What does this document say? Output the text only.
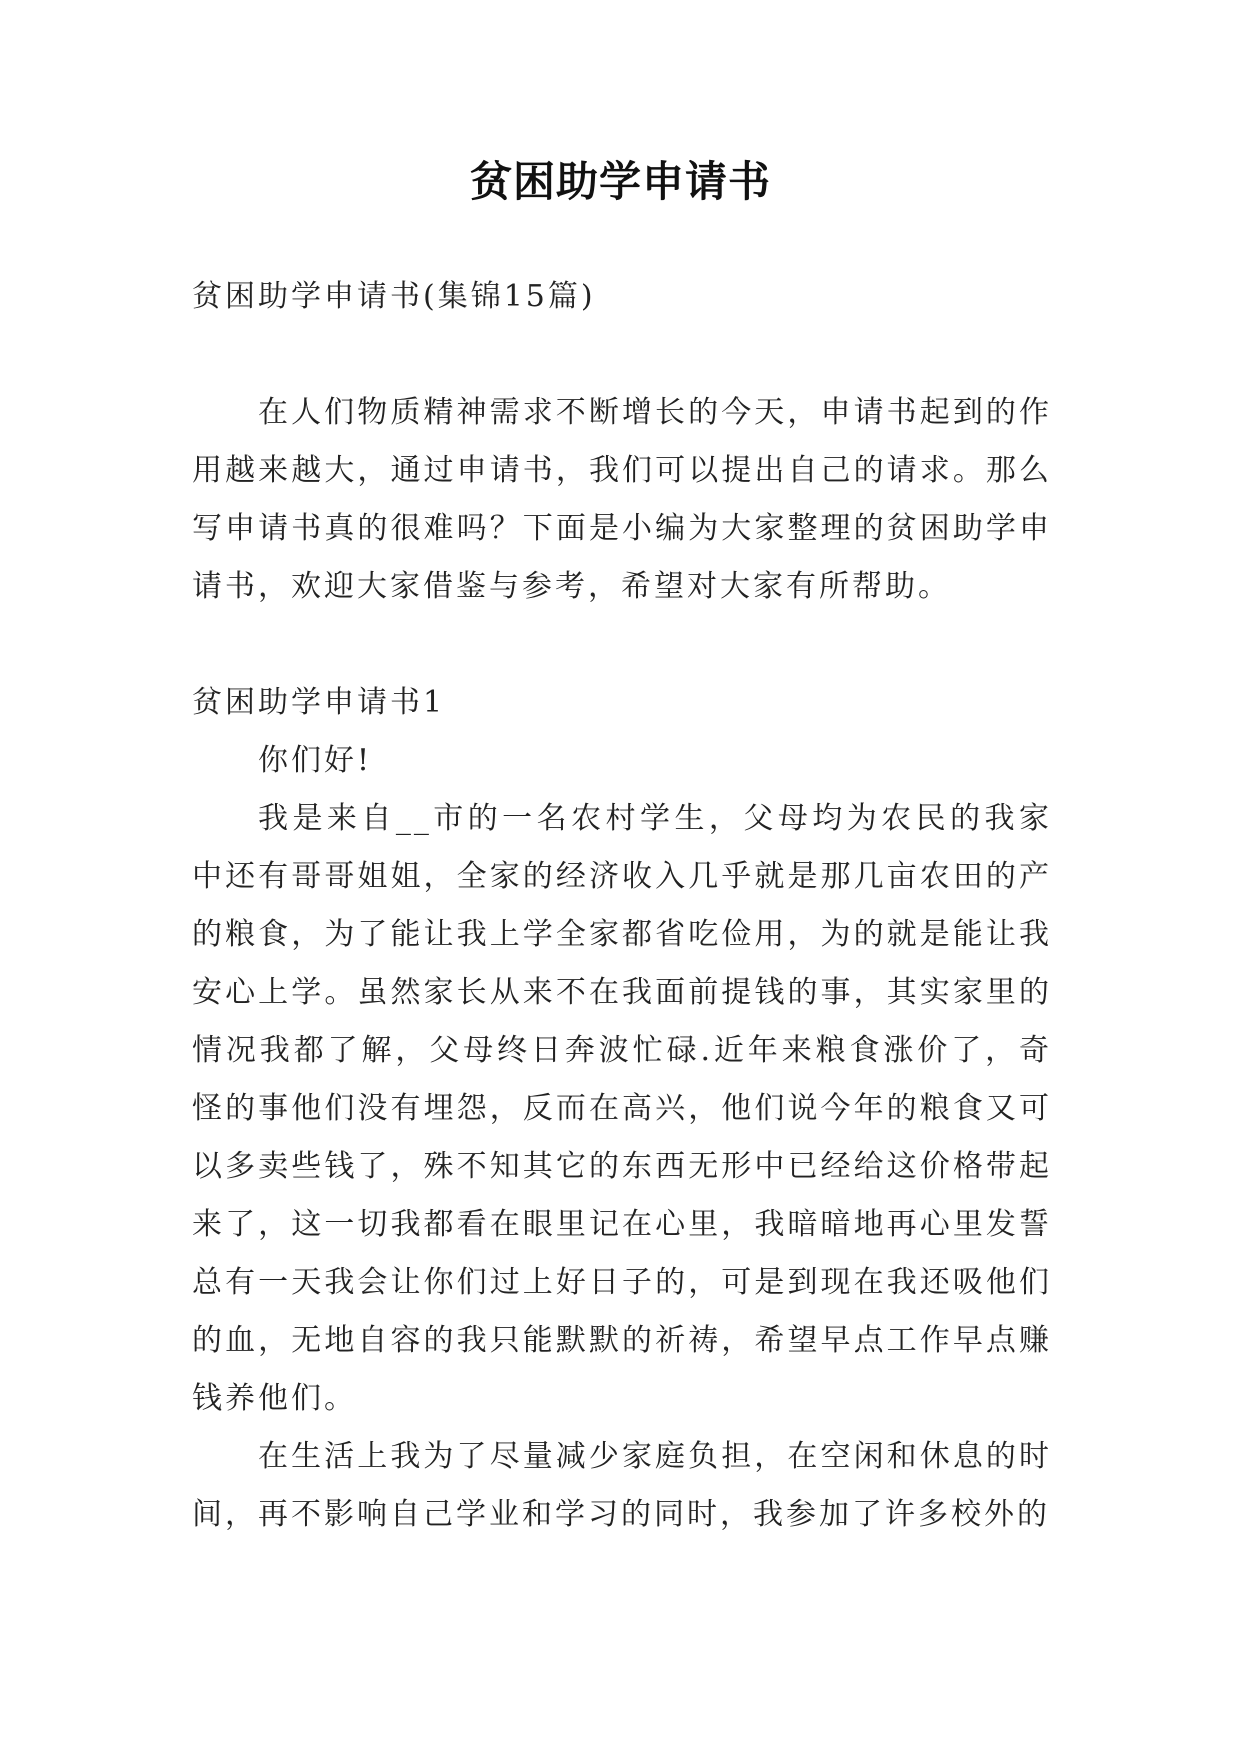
贫困助学申请书

贫困助学申请书(集锦15篇)

在人们物质精神需求不断增长的今天，申请书起到的作用越来越大，通过申请书，我们可以提出自己的请求。那么写申请书真的很难吗？下面是小编为大家整理的贫困助学申请书，欢迎大家借鉴与参考，希望对大家有所帮助。

贫困助学申请书1

你们好!

我是来自__市的一名农村学生，父母均为农民的我家中还有哥哥姐姐，全家的经济收入几乎就是那几亩农田的产的粮食，为了能让我上学全家都省吃俭用，为的就是能让我安心上学。虽然家长从来不在我面前提钱的事，其实家里的情况我都了解，父母终日奔波忙碌.近年来粮食涨价了，奇怪的事他们没有埋怨，反而在高兴，他们说今年的粮食又可以多卖些钱了，殊不知其它的东西无形中已经给这价格带起来了，这一切我都看在眼里记在心里，我暗暗地再心里发誓总有一天我会让你们过上好日子的，可是到现在我还吸他们的血，无地自容的我只能默默的祈祷，希望早点工作早点赚钱养他们。

在生活上我为了尽量减少家庭负担，在空闲和休息的时间，再不影响自己学业和学习的同时，我参加了许多校外的
